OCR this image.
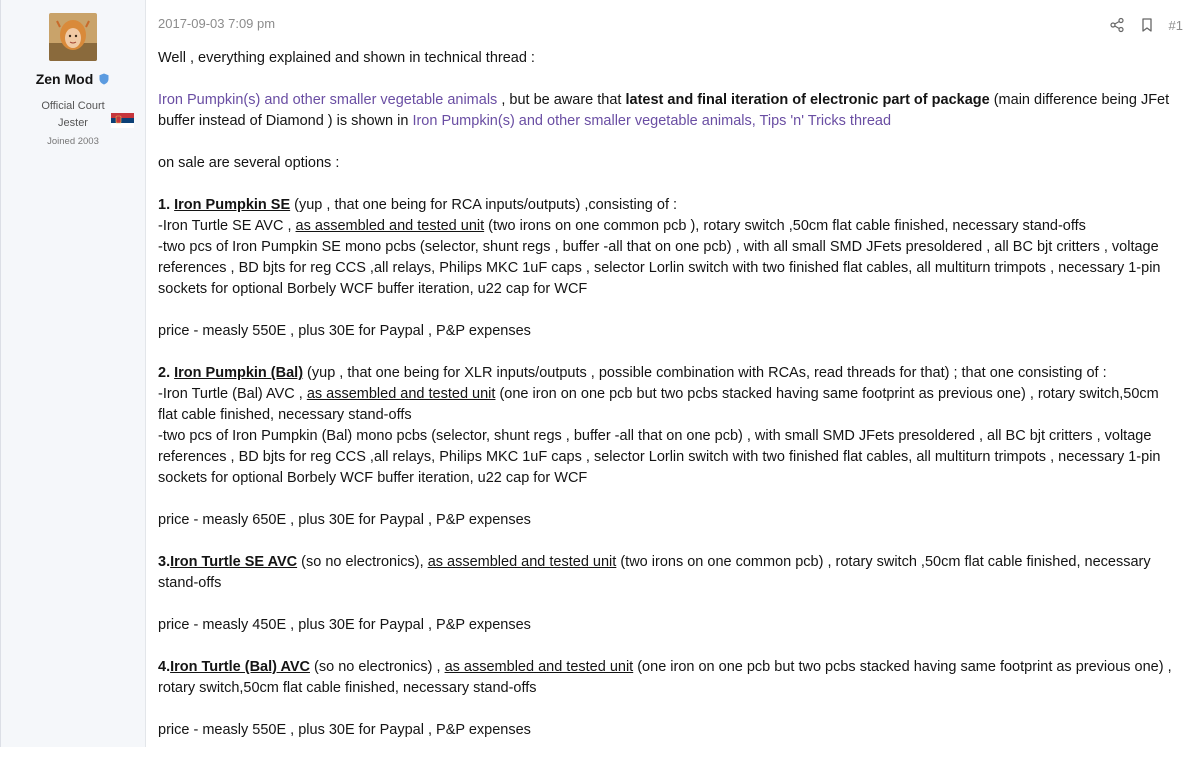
Zen Mod
Official Court
Jester
Joined 2003
2017-09-03 7:09 pm	#1

Well , everything explained and shown in technical thread :

Iron Pumpkin(s) and other smaller vegetable animals , but be aware that latest and final iteration of electronic part of package (main difference being JFet buffer instead of Diamond ) is shown in Iron Pumpkin(s) and other smaller vegetable animals, Tips 'n' Tricks thread

on sale are several options :

1. Iron Pumpkin SE (yup , that one being for RCA inputs/outputs) ,consisting of :
-Iron Turtle SE AVC , as assembled and tested unit (two irons on one common pcb ), rotary switch ,50cm flat cable finished, necessary stand-offs
-two pcs of Iron Pumpkin SE mono pcbs (selector, shunt regs , buffer -all that on one pcb) , with all small SMD JFets presoldered , all BC bjt critters , voltage references , BD bjts for reg CCS ,all relays, Philips MKC 1uF caps , selector Lorlin switch with two finished flat cables, all multiturn trimpots , necessary 1-pin sockets for optional Borbely WCF buffer iteration, u22 cap for WCF

price - measly 550E , plus 30E for Paypal , P&P expenses

2. Iron Pumpkin (Bal) (yup , that one being for XLR inputs/outputs , possible combination with RCAs, read threads for that) ; that one consisting of :
-Iron Turtle (Bal) AVC , as assembled and tested unit (one iron on one pcb but two pcbs stacked having same footprint as previous one) , rotary switch,50cm flat cable finished, necessary stand-offs
-two pcs of Iron Pumpkin (Bal) mono pcbs (selector, shunt regs , buffer -all that on one pcb) , with small SMD JFets presoldered , all BC bjt critters , voltage references , BD bjts for reg CCS ,all relays, Philips MKC 1uF caps , selector Lorlin switch with two finished flat cables, all multiturn trimpots , necessary 1-pin sockets for optional Borbely WCF buffer iteration, u22 cap for WCF

price - measly 650E , plus 30E for Paypal , P&P expenses

3.Iron Turtle SE AVC (so no electronics), as assembled and tested unit (two irons on one common pcb) , rotary switch ,50cm flat cable finished, necessary stand-offs

price - measly 450E , plus 30E for Paypal , P&P expenses

4.Iron Turtle (Bal) AVC (so no electronics) , as assembled and tested unit (one iron on one pcb but two pcbs stacked having same footprint as previous one) , rotary switch,50cm flat cable finished, necessary stand-offs

price - measly 550E , plus 30E for Paypal , P&P expenses
